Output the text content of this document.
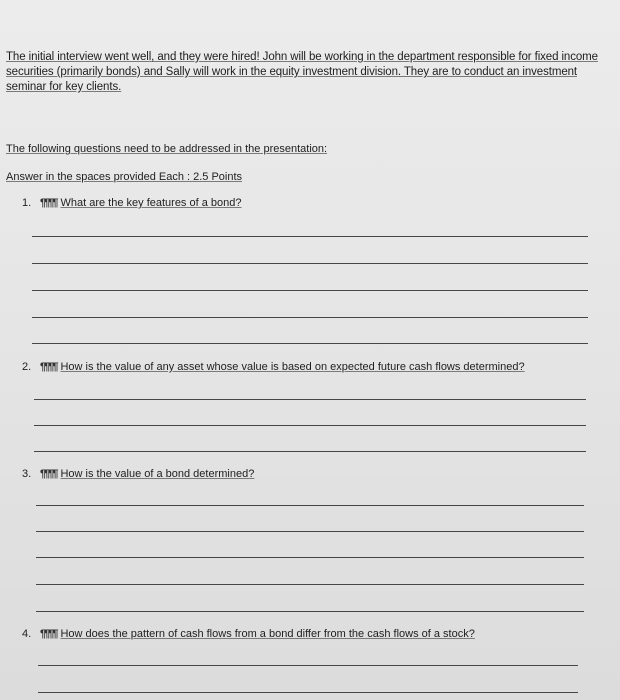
The initial interview went well, and they were hired! John will be working in the department responsible for fixed income securities (primarily bonds) and Sally will work in the equity investment division. They are to conduct an investment seminar for key clients.
The following questions need to be addressed in the presentation:
Answer in the spaces provided Each : 2.5 Points
1. ¶¶¶¶ What are the key features of a bond?
2. ¶¶¶¶ How is the value of any asset whose value is based on expected future cash flows determined?
3. ¶¶¶¶ How is the value of a bond determined?
4. ¶¶¶¶ How does the pattern of cash flows from a bond differ from the cash flows of a stock?
